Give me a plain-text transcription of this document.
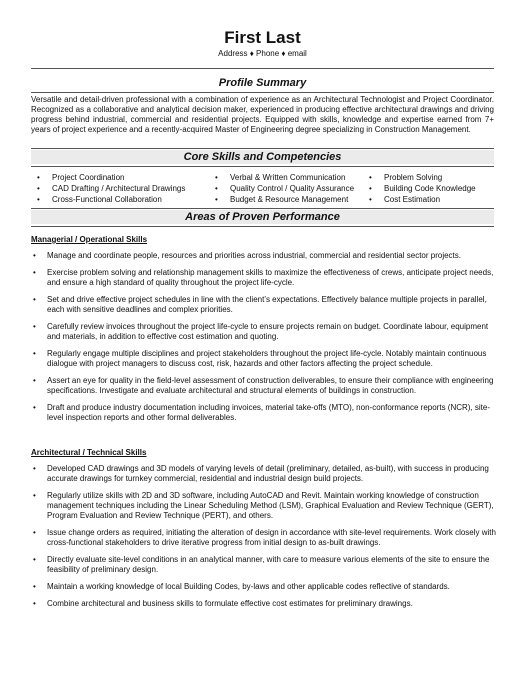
First Last
Address ♦ Phone ♦ email
Profile Summary
Versatile and detail-driven professional with a combination of experience as an Architectural Technologist and Project Coordinator. Recognized as a collaborative and analytical decision maker, experienced in producing effective architectural drawings and driving progress behind industrial, commercial and residential projects. Equipped with skills, knowledge and expertise earned from 7+ years of project experience and a recently-acquired Master of Engineering degree specializing in Construction Management.
Core Skills and Competencies
• Project Coordination
• CAD Drafting / Architectural Drawings
• Cross-Functional Collaboration
• Verbal & Written Communication
• Quality Control / Quality Assurance
• Budget & Resource Management
• Problem Solving
• Building Code Knowledge
• Cost Estimation
Areas of Proven Performance
Managerial / Operational Skills
• Manage and coordinate people, resources and priorities across industrial, commercial and residential sector projects.
• Exercise problem solving and relationship management skills to maximize the effectiveness of crews, anticipate project needs, and ensure a high standard of quality throughout the project life-cycle.
• Set and drive effective project schedules in line with the client’s expectations. Effectively balance multiple projects in parallel, each with sensitive deadlines and complex priorities.
• Carefully review invoices throughout the project life-cycle to ensure projects remain on budget. Coordinate labour, equipment and materials, in addition to effective cost estimation and quoting.
• Regularly engage multiple disciplines and project stakeholders throughout the project life-cycle. Notably maintain continuous dialogue with project managers to discuss cost, risk, hazards and other factors affecting the project schedule.
• Assert an eye for quality in the field-level assessment of construction deliverables, to ensure their compliance with engineering specifications. Investigate and evaluate architectural and structural elements of buildings in construction.
• Draft and produce industry documentation including invoices, material take-offs (MTO), non-conformance reports (NCR), site-level inspection reports and other formal deliverables.
Architectural / Technical Skills
• Developed CAD drawings and 3D models of varying levels of detail (preliminary, detailed, as-built), with success in producing accurate drawings for turnkey commercial, residential and industrial design build projects.
• Regularly utilize skills with 2D and 3D software, including AutoCAD and Revit. Maintain working knowledge of construction management techniques including the Linear Scheduling Method (LSM), Graphical Evaluation and Review Technique (GERT), Program Evaluation and Review Technique (PERT), and others.
• Issue change orders as required, initiating the alteration of design in accordance with site-level requirements. Work closely with cross-functional stakeholders to drive iterative progress from initial design to as-built drawings.
• Directly evaluate site-level conditions in an analytical manner, with care to measure various elements of the site to ensure the feasibility of preliminary design.
• Maintain a working knowledge of local Building Codes, by-laws and other applicable codes reflective of standards.
• Combine architectural and business skills to formulate effective cost estimates for preliminary drawings.
